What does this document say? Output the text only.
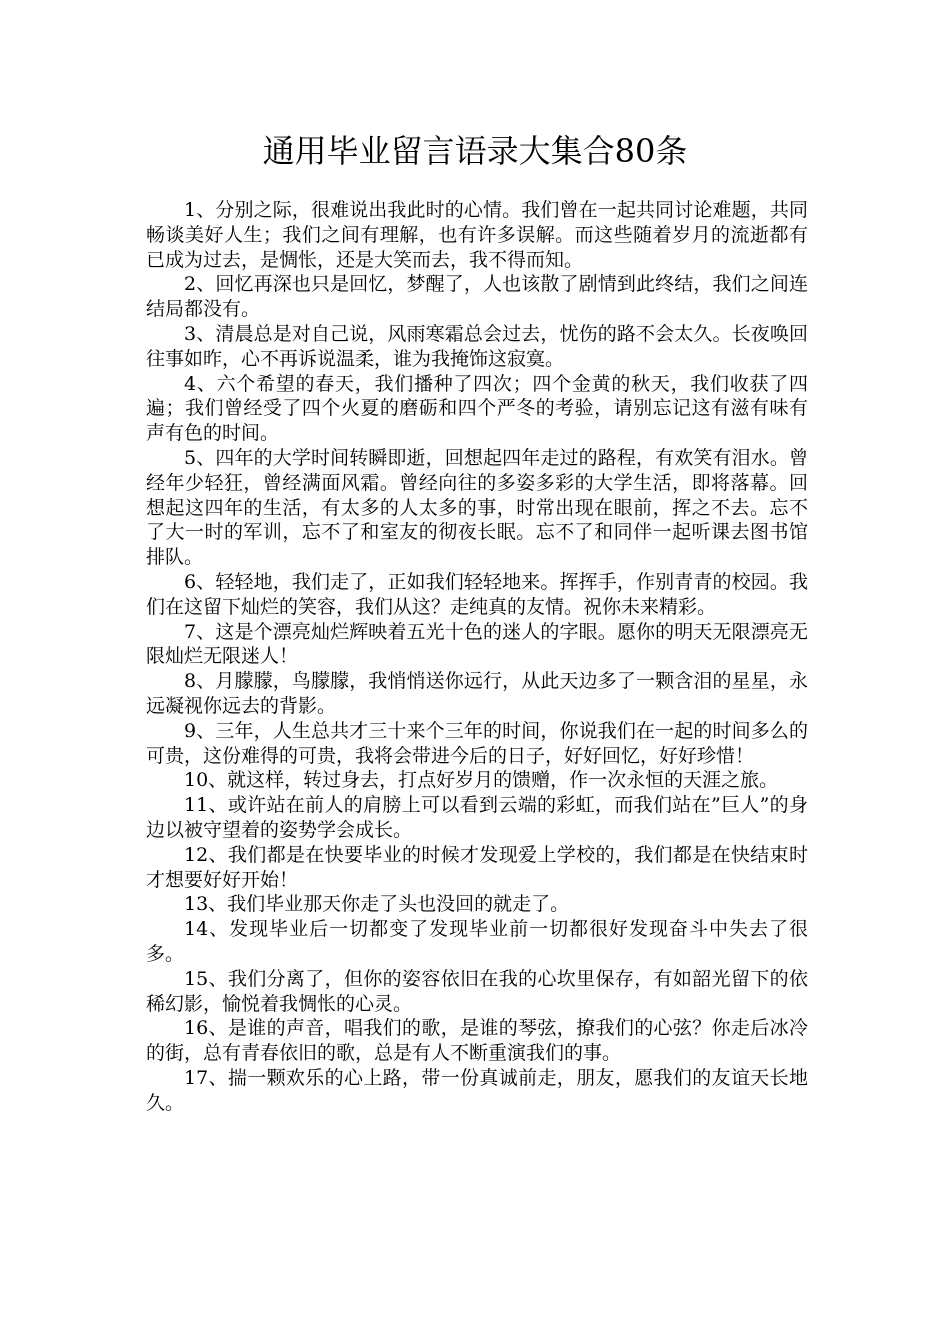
通用毕业留言语录大集合80条

1、分别之际，很难说出我此时的心情。我们曾在一起共同讨论难题，共同畅谈美好人生；我们之间有理解，也有许多误解。而这些随着岁月的流逝都有已成为过去，是惆怅，还是大笑而去，我不得而知。

2、回忆再深也只是回忆，梦醒了，人也该散了剧情到此终结，我们之间连结局都没有。

3、清晨总是对自己说，风雨寒霜总会过去，忧伤的路不会太久。长夜唤回往事如昨，心不再诉说温柔，谁为我掩饰这寂寞。

4、六个希望的春天，我们播种了四次；四个金黄的秋天，我们收获了四遍；我们曾经受了四个火夏的磨砺和四个严冬的考验，请别忘记这有滋有味有声有色的时间。

5、四年的大学时间转瞬即逝，回想起四年走过的路程，有欢笑有泪水。曾经年少轻狂，曾经满面风霜。曾经向往的多姿多彩的大学生活，即将落幕。回想起这四年的生活，有太多的人太多的事，时常出现在眼前，挥之不去。忘不了大一时的军训，忘不了和室友的彻夜长眠。忘不了和同伴一起听课去图书馆排队。

6、轻轻地，我们走了，正如我们轻轻地来。挥挥手，作别青青的校园。我们在这留下灿烂的笑容，我们从这？走纯真的友情。祝你未来精彩。

7、这是个漂亮灿烂辉映着五光十色的迷人的字眼。愿你的明天无限漂亮无限灿烂无限迷人！

8、月朦朦，鸟朦朦，我悄悄送你远行，从此天边多了一颗含泪的星星，永远凝视你远去的背影。

9、三年，人生总共才三十来个三年的时间，你说我们在一起的时间多么的可贵，这份难得的可贵，我将会带进今后的日子，好好回忆，好好珍惜！

10、就这样，转过身去，打点好岁月的馈赠，作一次永恒的天涯之旅。

11、或许站在前人的肩膀上可以看到云端的彩虹，而我们站在”巨人”的身边以被守望着的姿势学会成长。

12、我们都是在快要毕业的时候才发现爱上学校的，我们都是在快结束时才想要好好开始！

13、我们毕业那天你走了头也没回的就走了。

14、发现毕业后一切都变了发现毕业前一切都很好发现奋斗中失去了很多。

15、我们分离了，但你的姿容依旧在我的心坎里保存，有如韶光留下的依稀幻影，愉悦着我惆怅的心灵。

16、是谁的声音，唱我们的歌，是谁的琴弦，撩我们的心弦？你走后冰冷的街，总有青春依旧的歌，总是有人不断重演我们的事。

17、揣一颗欢乐的心上路，带一份真诚前走，朋友，愿我们的友谊天长地久。
